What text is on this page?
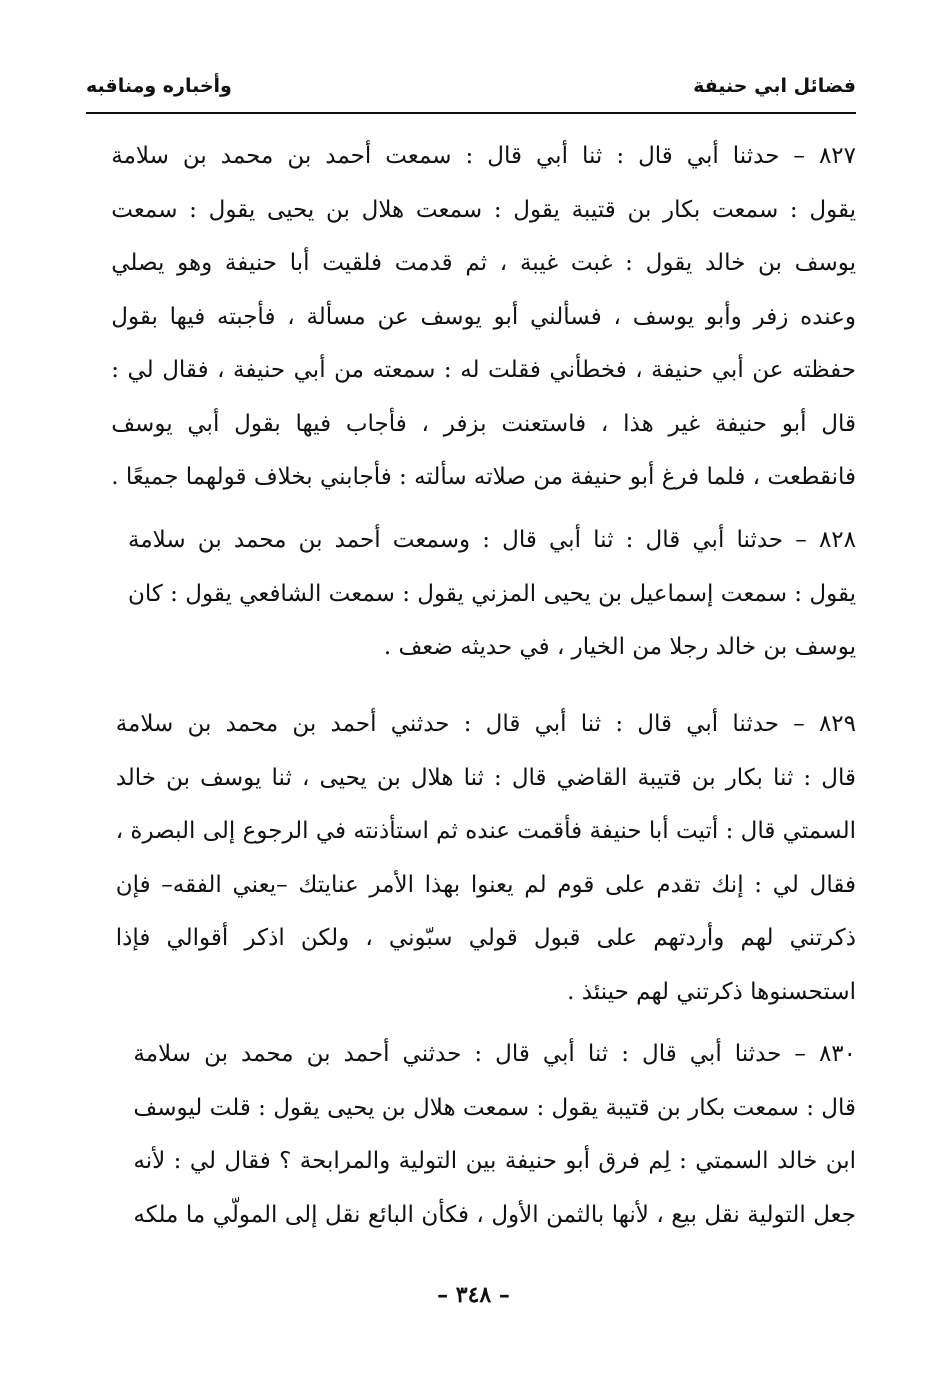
فضائل ابي حنيفة
وأخباره ومناقبه
٨٢٧ – حدثنا أبي قال : ثنا أبي قال : سمعت أحمد بن محمد بن سلامة
يقول : سمعت بكار بن قتيبة يقول : سمعت هلال بن يحيى يقول : سمعت
يوسف بن خالد يقول : غبت غيبة ، ثم قدمت فلقيت أبا حنيفة وهو يصلي
وعنده زفر وأبو يوسف ، فسألني أبو يوسف عن مسألة ، فأجبته فيها بقول
حفظته عن أبي حنيفة ، فخطأني فقلت له : سمعته من أبي حنيفة ، فقال لي :
قال أبو حنيفة غير هذا ، فاستعنت بزفر ، فأجاب فيها بقول أبي يوسف
فانقطعت ، فلما فرغ أبو حنيفة من صلاته سألته : فأجابني بخلاف قولهما جميعًا .
٨٢٨ – حدثنا أبي قال : ثنا أبي قال : وسمعت أحمد بن محمد بن سلامة
يقول : سمعت إسماعيل بن يحيى المزني يقول : سمعت الشافعي يقول : كان
يوسف بن خالد رجلا من الخيار ، في حديثه ضعف .
٨٢٩ – حدثنا أبي قال : ثنا أبي قال : حدثني أحمد بن محمد بن سلامة
قال : ثنا بكار بن قتيبة القاضي قال : ثنا هلال بن يحيى ، ثنا يوسف بن خالد
السمتي قال : أتيت أبا حنيفة فأقمت عنده ثم استأذنته في الرجوع إلى البصرة ،
فقال لي : إنك تقدم على قوم لم يعنوا بهذا الأمر عنايتك –يعني الفقه– فإن
ذكرتني لهم وأردتهم على قبول قولي سبّوني ، ولكن اذكر أقوالي فإذا
استحسنوها ذكرتني لهم حينئذ .
٨٣٠ – حدثنا أبي قال : ثنا أبي قال : حدثني أحمد بن محمد بن سلامة
قال : سمعت بكار بن قتيبة يقول : سمعت هلال بن يحيى يقول : قلت ليوسف
ابن خالد السمتي : لِم فرق أبو حنيفة بين التولية والمرابحة ؟ فقال لي : لأنه
جعل التولية نقل بيع ، لأنها بالثمن الأول ، فكأن البائع نقل إلى المولّي ما ملكه
– ٣٤٨ –
